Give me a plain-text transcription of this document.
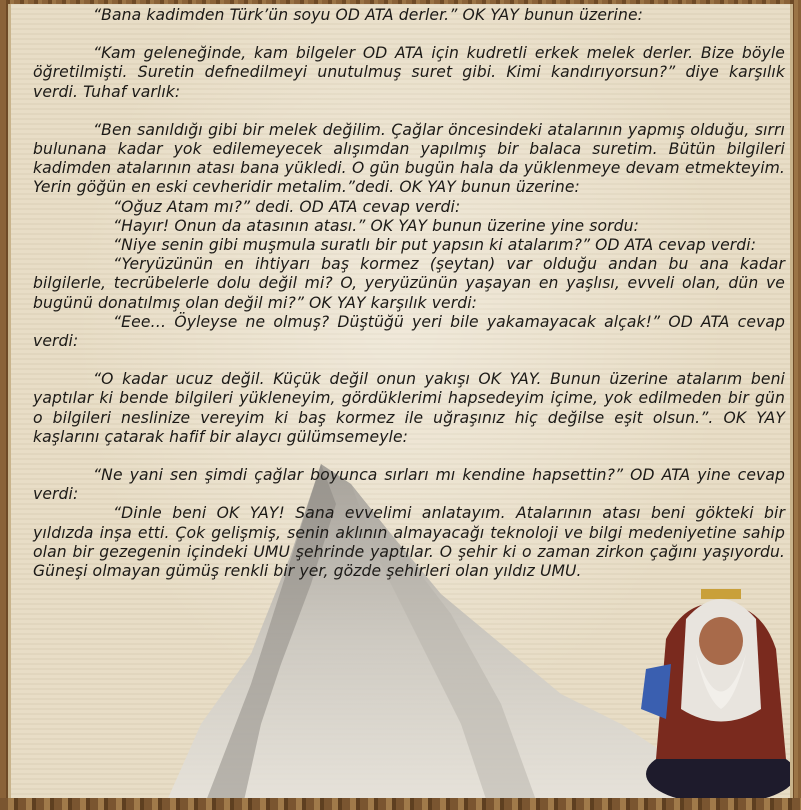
“Bana kadimden Türk’ün soyu OD ATA derler.” OK YAY bunun üzerine:

“Kam geleneğinde, kam bilgeler OD ATA için kudretli erkek melek derler. Bize böyle öğretilmişti. Suretin defnedilmeyi unutulmuş suret gibi. Kimi kandırıyorsun?” diye karşılık verdi. Tuhaf varlık:

“Ben sanıldığı gibi bir melek değilim. Çağlar öncesindeki atalarının yapmış olduğu, sırrı bulunana kadar yok edilemeyecek alışımdan yapılmış bir balaca suretim. Bütün bilgileri kadimden atalarının atası bana yükledi. O gün bugün hala da yüklenmeye devam etmekteyim. Yerin göğün en eski cevheridir metalim.”dedi. OK YAY bunun üzerine:

“Oğuz Atam mı?” dedi. OD ATA cevap verdi:

“Hayır! Onun da atasının atası.” OK YAY bunun üzerine yine sordu:

“Niye senin gibi muşmula suratlı bir put yapsın ki atalarım?” OD ATA cevap verdi:

“Yeryüzünün en ihtiyarı baş kormez (şeytan) var olduğu andan bu ana kadar bilgilerle, tecrübelerle dolu değil mi? O, yeryüzünün yaşayan en yaşlısı, evveli olan, dün ve bugünü donatılmış olan değil mi?” OK YAY karşılık verdi:

“Eee… Öyleyse ne olmuş? Düştüğü yeri bile yakamayacak alçak!” OD ATA cevap verdi:

“O kadar ucuz değil. Küçük değil onun yakışı OK YAY. Bunun üzerine atalarım beni yaptılar ki bende bilgileri yükleneyim, gördüklerimi hapsedeyim içime, yok edilmeden bir gün o bilgileri neslinize vereyim ki baş kormez ile uğraşınız hiç değilse eşit olsun.”. OK YAY kaşlarını çatarak hafif bir alaycı gülümsemeyle:

“Ne yani sen şimdi çağlar boyunca sırları mı kendine hapsettin?” OD ATA yine cevap verdi:

“Dinle beni OK YAY! Sana evvelimi anlatayım. Atalarının atası beni gökteki bir yıldızda inşa etti. Çok gelişmiş, senin aklının almayacağı teknoloji ve bilgi medeniyetine sahip olan bir gezegenin içindeki UMU şehrinde yaptılar. O şehir ki o zaman zirkon çağını yaşıyordu. Güneşi olmayan gümüş renkli bir yer, gözde şehirleri olan yıldız UMU.
